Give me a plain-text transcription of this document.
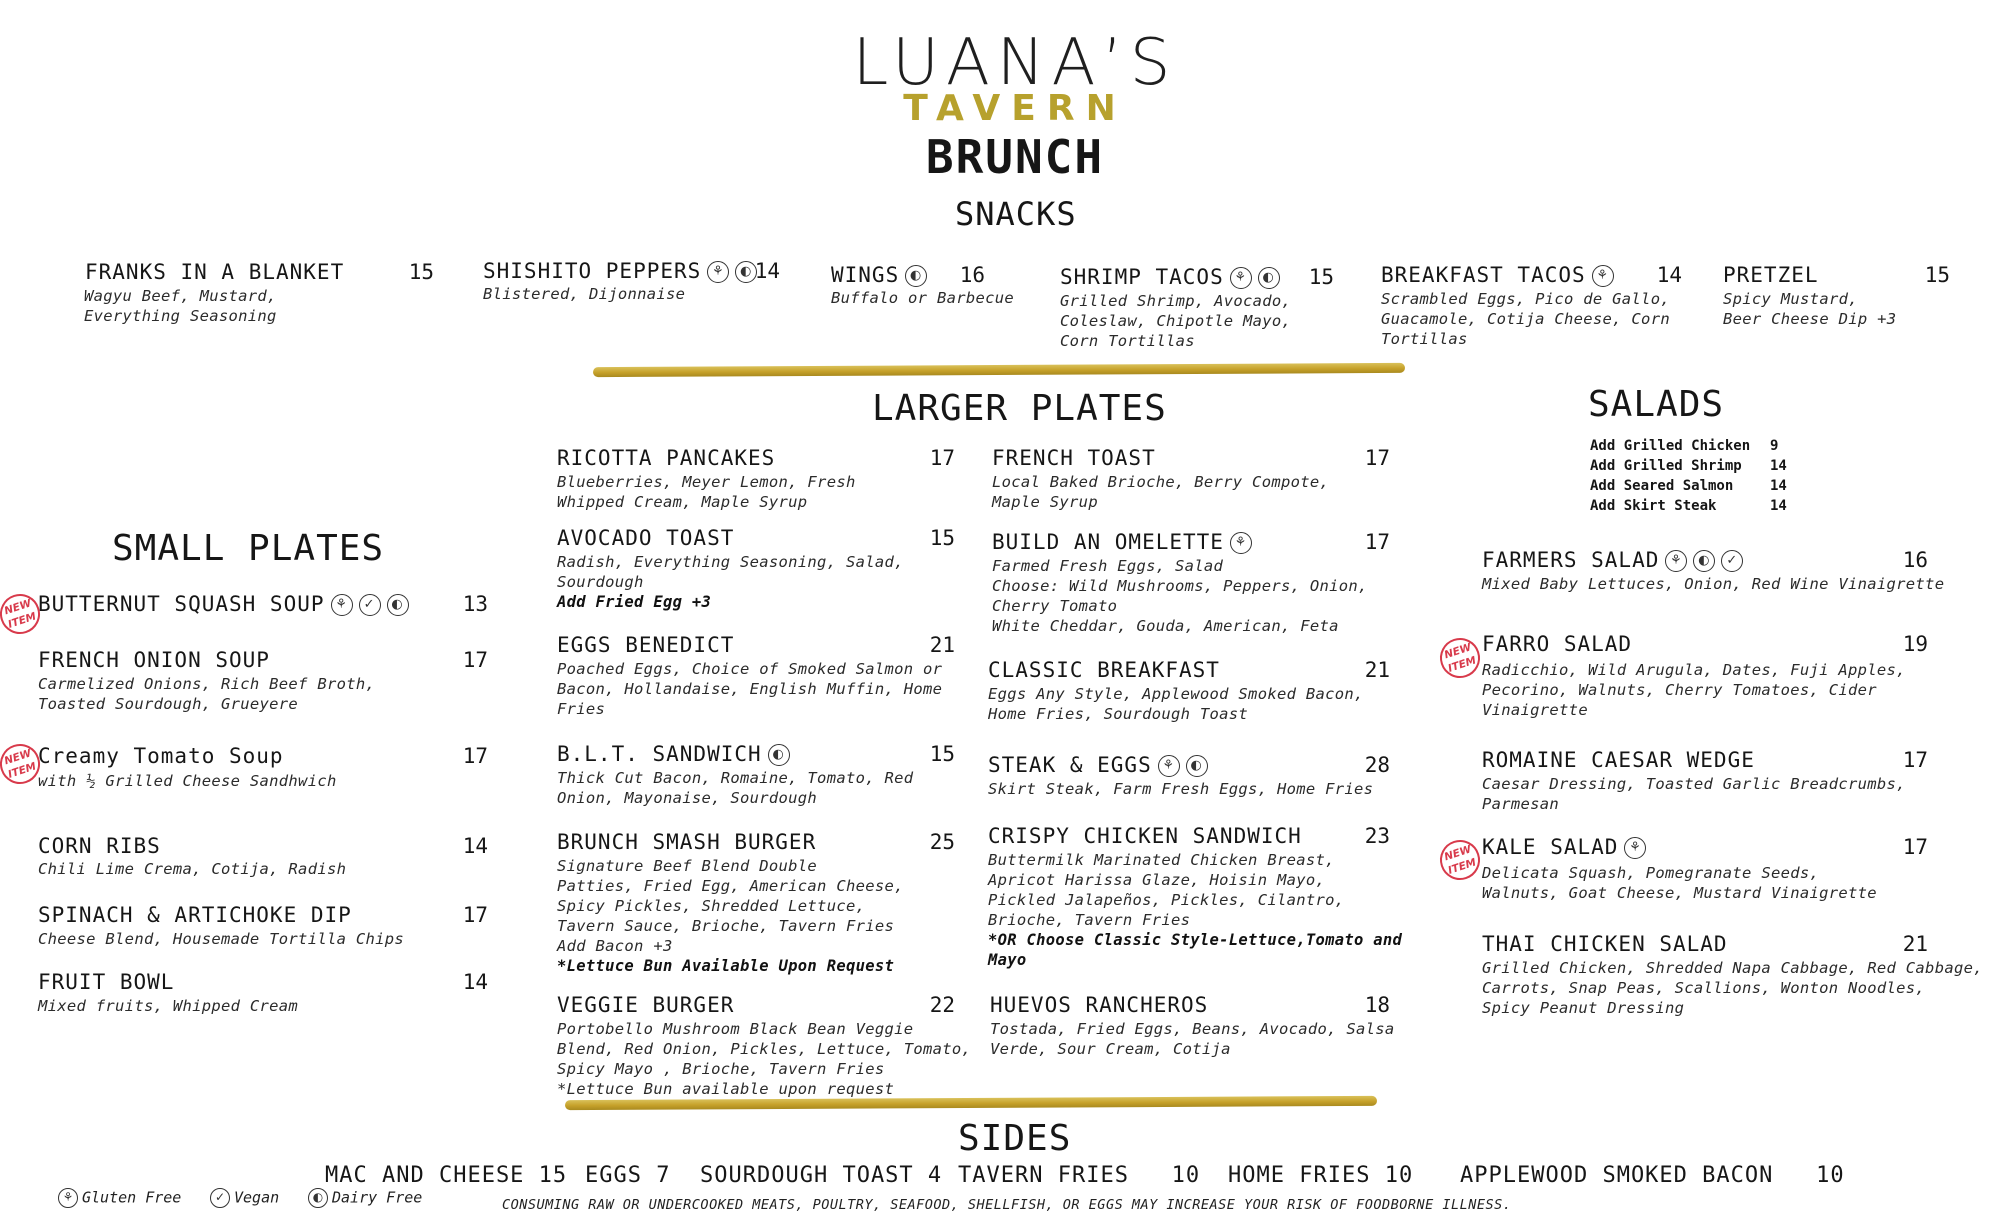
LUANA’S
TAVERN
BRUNCH
SNACKS
LARGER PLATES
SMALL PLATES
SALADS
SIDES
FRANKS IN A BLANKET	15
Wagyu Beef, Mustard,
Everything Seasoning
SHISHITO PEPPERS ⚘ ◐ 14
Blistered, Dijonnaise
WINGS ◐ 16
Buffalo or Barbecue
SHRIMP TACOS ⚘ ◐ 15
Grilled Shrimp, Avocado,
Coleslaw, Chipotle Mayo,
Corn Tortillas
BREAKFAST TACOS ⚘ 14
Scrambled Eggs, Pico de Gallo,
Guacamole, Cotija Cheese, Corn
Tortillas
PRETZEL	15
Spicy Mustard,
Beer Cheese Dip +3
BUTTERNUT SQUASH SOUP ⚘ ✓ ◐	13
FRENCH ONION SOUP	17
Carmelized Onions, Rich Beef Broth,
Toasted Sourdough, Grueyere
Creamy Tomato Soup	17
with ½ Grilled Cheese Sandhwich
CORN RIBS	14
Chili Lime Crema, Cotija, Radish
SPINACH & ARTICHOKE DIP	17
Cheese Blend, Housemade Tortilla Chips
FRUIT BOWL	14
Mixed fruits, Whipped Cream
RICOTTA PANCAKES	17
Blueberries, Meyer Lemon, Fresh
Whipped Cream, Maple Syrup
AVOCADO TOAST	15
Radish, Everything Seasoning, Salad,
Sourdough
Add Fried Egg +3
EGGS BENEDICT	21
Poached Eggs, Choice of Smoked Salmon or
Bacon, Hollandaise, English Muffin, Home
Fries
B.L.T. SANDWICH ◐	15
Thick Cut Bacon, Romaine, Tomato, Red
Onion, Mayonaise, Sourdough
BRUNCH SMASH BURGER	25
Signature Beef Blend Double
Patties, Fried Egg, American Cheese,
Spicy Pickles, Shredded Lettuce,
Tavern Sauce, Brioche, Tavern Fries
Add Bacon +3
*Lettuce Bun Available Upon Request
VEGGIE BURGER	22
Portobello Mushroom Black Bean Veggie
Blend, Red Onion, Pickles, Lettuce, Tomato,
Spicy Mayo , Brioche, Tavern Fries
*Lettuce Bun available upon request
FRENCH TOAST	17
Local Baked Brioche, Berry Compote,
Maple Syrup
BUILD AN OMELETTE ⚘	17
Farmed Fresh Eggs, Salad
Choose: Wild Mushrooms, Peppers, Onion,
Cherry Tomato
White Cheddar, Gouda, American, Feta
CLASSIC BREAKFAST	21
Eggs Any Style, Applewood Smoked Bacon,
Home Fries, Sourdough Toast
STEAK & EGGS ⚘ ◐	28
Skirt Steak, Farm Fresh Eggs, Home Fries
CRISPY CHICKEN SANDWICH	23
Buttermilk Marinated Chicken Breast,
Apricot Harissa Glaze, Hoisin Mayo,
Pickled Jalapeños, Pickles, Cilantro,
Brioche, Tavern Fries
*OR Choose Classic Style-Lettuce,Tomato and
Mayo
HUEVOS RANCHEROS	18
Tostada, Fried Eggs, Beans, Avocado, Salsa
Verde, Sour Cream, Cotija
FARMERS SALAD ⚘ ◐ ✓	16
Mixed Baby Lettuces, Onion, Red Wine Vinaigrette
FARRO SALAD	19
Radicchio, Wild Arugula, Dates, Fuji Apples,
Pecorino, Walnuts, Cherry Tomatoes, Cider
Vinaigrette
ROMAINE CAESAR WEDGE	17
Caesar Dressing, Toasted Garlic Breadcrumbs,
Parmesan
KALE SALAD ⚘	17
Delicata Squash, Pomegranate Seeds,
Walnuts, Goat Cheese, Mustard Vinaigrette
THAI CHICKEN SALAD	21
Grilled Chicken, Shredded Napa Cabbage, Red Cabbage,
Carrots, Snap Peas, Scallions, Wonton Noodles,
Spicy Peanut Dressing
NEW ITEM
NEW ITEM
NEW ITEM
NEW ITEM
Add Grilled Chicken 9
Add Grilled Shrimp 14
Add Seared Salmon	14
Add Skirt Steak	14
MAC AND CHEESE 15 EGGS 7 SOURDOUGH TOAST 4 TAVERN FRIES   10 HOME FRIES 10 APPLEWOOD SMOKED BACON   10
⚘ Gluten Free	✓ Vegan	◐ Dairy Free	CONSUMING RAW OR UNDERCOOKED MEATS, POULTRY, SEAFOOD, SHELLFISH, OR EGGS MAY INCREASE YOUR RISK OF FOODBORNE ILLNESS.
